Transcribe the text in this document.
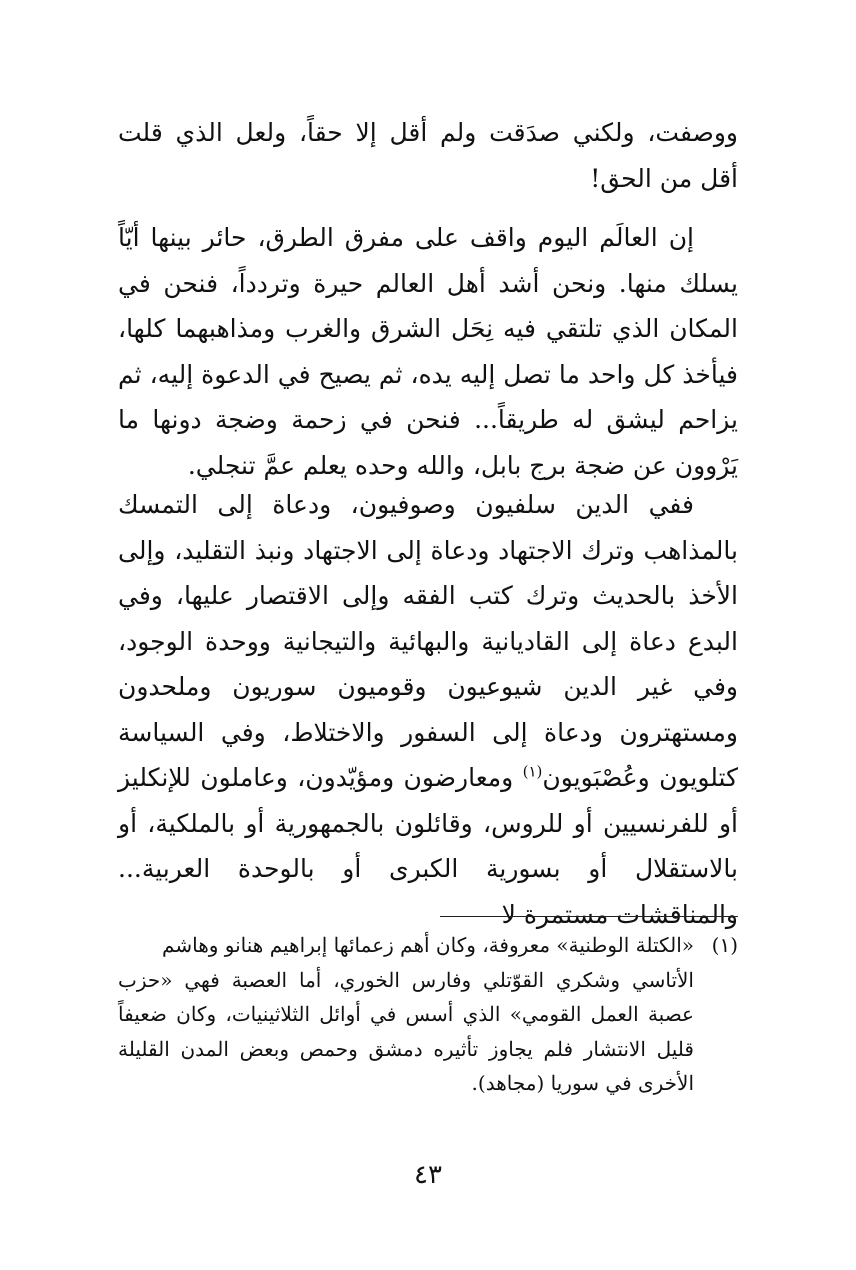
ووصفت، ولكني صدَقت ولم أقل إلا حقاً، ولعل الذي قلت أقل من الحق!

إن العالَم اليوم واقف على مفرق الطرق، حائر بينها أيّاً يسلك منها. ونحن أشد أهل العالم حيرة وتردداً، فنحن في المكان الذي تلتقي فيه نِحَل الشرق والغرب ومذاهبهما كلها، فيأخذ كل واحد ما تصل إليه يده، ثم يصيح في الدعوة إليه، ثم يزاحم ليشق له طريقاً... فنحن في زحمة وضجة دونها ما يَرْوون عن ضجة برج بابل، والله وحده يعلم عمَّ تنجلي.

ففي الدين سلفيون وصوفيون، ودعاة إلى التمسك بالمذاهب وترك الاجتهاد ودعاة إلى الاجتهاد ونبذ التقليد، وإلى الأخذ بالحديث وترك كتب الفقه وإلى الاقتصار عليها، وفي البدع دعاة إلى القاديانية والبهائية والتيجانية ووحدة الوجود، وفي غير الدين شيوعيون وقوميون سوريون وملحدون ومستهترون ودعاة إلى السفور والاختلاط، وفي السياسة كتلويون وعُصْبَويون$^{(١)}$ ومعارضون ومؤيّدون، وعاملون للإنكليز أو للفرنسيين أو للروس، وقائلون بالجمهورية أو بالملكية، أو بالاستقلال أو بسورية الكبرى أو بالوحدة العربية... والمناقشات مستمرة لا

(١)«الكتلة الوطنية» معروفة، وكان أهم زعمائها إبراهيم هنانو وهاشم
الأتاسي وشكري القوّتلي وفارس الخوري، أما العصبة فهي «حزب عصبة العمل القومي» الذي أسس في أوائل الثلاثينيات، وكان ضعيفاً قليل الانتشار فلم يجاوز تأثيره دمشق وحمص وبعض المدن القليلة الأخرى في سوريا (مجاهد).
٤٣
